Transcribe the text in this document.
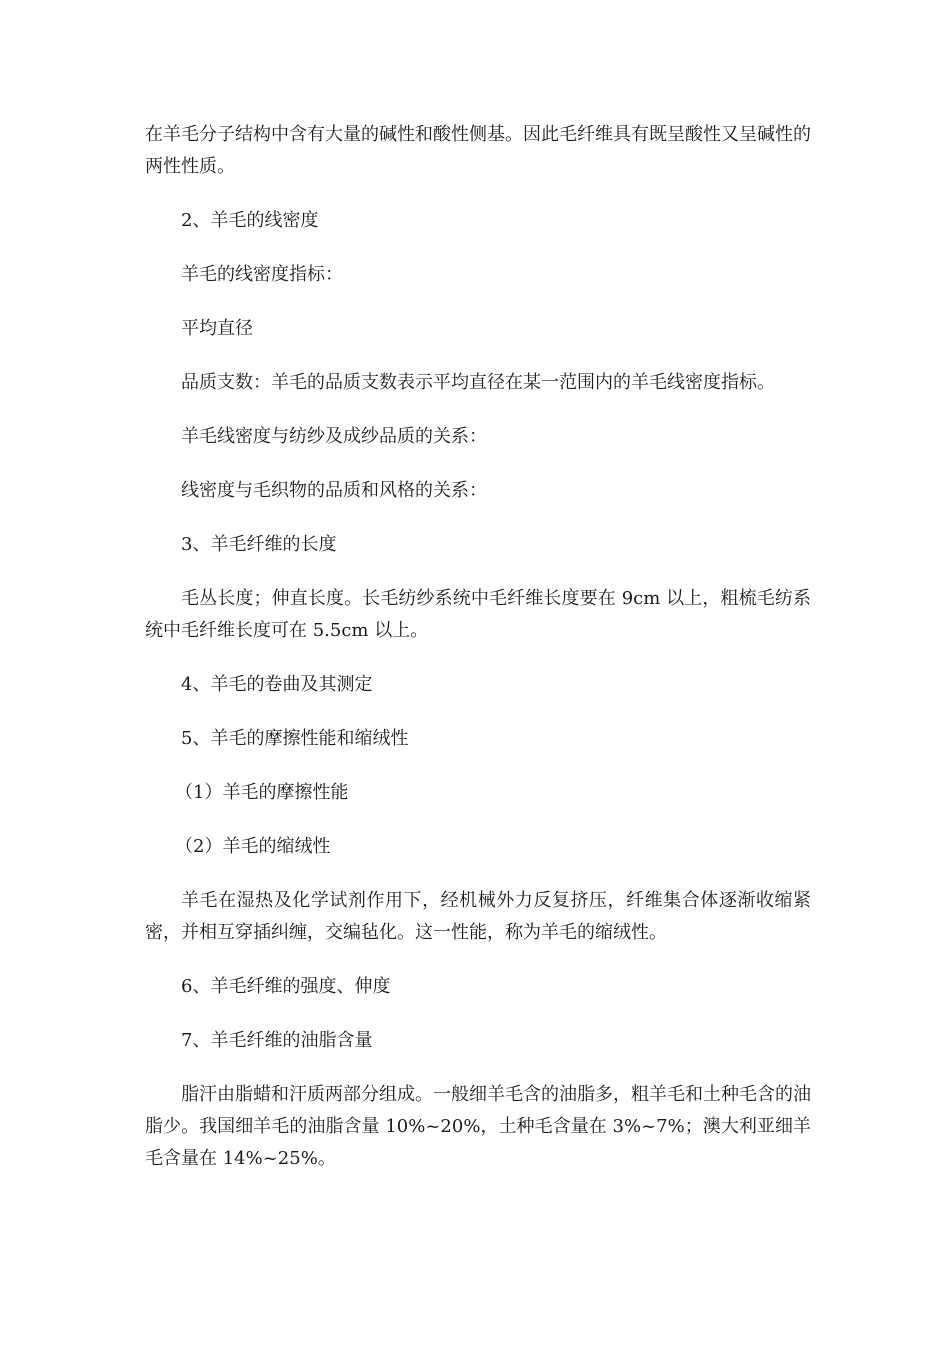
在羊毛分子结构中含有大量的碱性和酸性侧基。因此毛纤维具有既呈酸性又呈碱性的两性性质。

2、羊毛的线密度

羊毛的线密度指标：

平均直径

品质支数：羊毛的品质支数表示平均直径在某一范围内的羊毛线密度指标。

羊毛线密度与纺纱及成纱品质的关系：

线密度与毛织物的品质和风格的关系：

3、羊毛纤维的长度

毛丛长度；伸直长度。长毛纺纱系统中毛纤维长度要在 9cm 以上，粗梳毛纺系统中毛纤维长度可在 5.5cm 以上。

4、羊毛的卷曲及其测定

5、羊毛的摩擦性能和缩绒性

（1）羊毛的摩擦性能

（2）羊毛的缩绒性

羊毛在湿热及化学试剂作用下，经机械外力反复挤压，纤维集合体逐渐收缩紧密，并相互穿插纠缠，交编毡化。这一性能，称为羊毛的缩绒性。

6、羊毛纤维的强度、伸度

7、羊毛纤维的油脂含量

脂汗由脂蜡和汗质两部分组成。一般细羊毛含的油脂多，粗羊毛和土种毛含的油脂少。我国细羊毛的油脂含量 10%~20%，土种毛含量在 3%~7%；澳大利亚细羊毛含量在 14%~25%。
